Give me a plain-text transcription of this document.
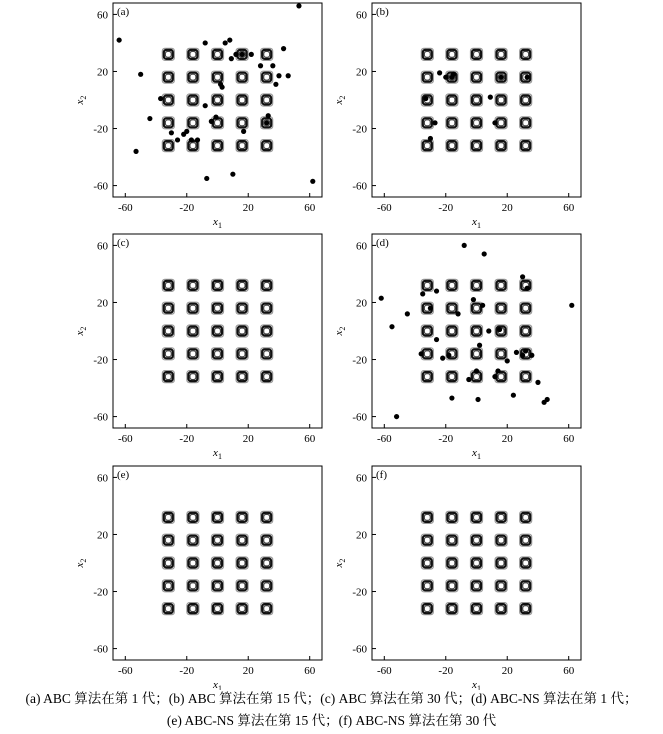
-60	-20	20	60
-60
-20
20
60
$x_1$
$x_2$
(a)
-60	-20	20	60
-60
-20
20
60
$x_1$
$x_2$
(b)
-60	-20	20	60
-60
-20
20
60
$x_1$
$x_2$
(c)
-60	-20	20	60
-60
-20
20
60
$x_1$
$x_2$
(d)
-60	-20	20	60
-60
-20
20
60
$x_1$
$x_2$
(e)
-60	-20	20	60
-60
-20
20
60
$x_1$
$x_2$
(f)
(a) ABC 算法在第 1 代；(b) ABC 算法在第 15 代；(c) ABC 算法在第 30 代；(d) ABC-NS 算法在第 1 代；
(e) ABC-NS 算法在第 15 代；(f) ABC-NS 算法在第 30 代
